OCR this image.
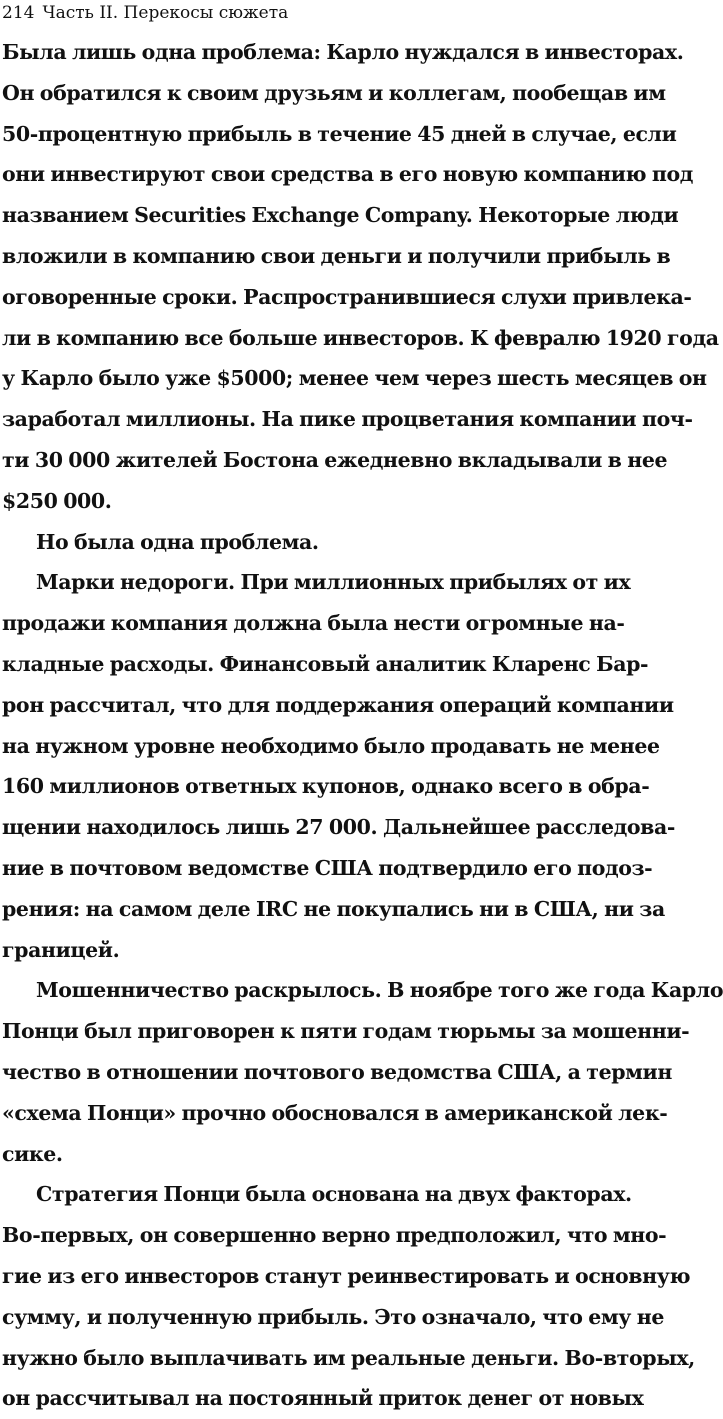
214 Часть II. Перекосы сюжета
Была лишь одна проблема: Карло нуждался в инвесторах.
Он обратился к своим друзьям и коллегам, пообещав им
50-процентную прибыль в течение 45 дней в случае, если
они инвестируют свои средства в его новую компанию под
названием Securities Exchange Company. Некоторые люди
вложили в компанию свои деньги и получили прибыль в
оговоренные сроки. Распространившиеся слухи привлека-
ли в компанию все больше инвесторов. К февралю 1920 года
у Карло было уже $5000; менее чем через шесть месяцев он
заработал миллионы. На пике процветания компании поч-
ти 30 000 жителей Бостона ежедневно вкладывали в нее
$250 000.
Но была одна проблема.
Марки недороги. При миллионных прибылях от их
продажи компания должна была нести огромные на-
кладные расходы. Финансовый аналитик Кларенс Бар-
рон рассчитал, что для поддержания операций компании
на нужном уровне необходимо было продавать не менее
160 миллионов ответных купонов, однако всего в обра-
щении находилось лишь 27 000. Дальнейшее расследова-
ние в почтовом ведомстве США подтвердило его подоз-
рения: на самом деле IRC не покупались ни в США, ни за
границей.
Мошенничество раскрылось. В ноябре того же года Карло
Понци был приговорен к пяти годам тюрьмы за мошенни-
чество в отношении почтового ведомства США, а термин
«схема Понци» прочно обосновался в американской лек-
сике.
Стратегия Понци была основана на двух факторах.
Во-первых, он совершенно верно предположил, что мно-
гие из его инвесторов станут реинвестировать и основную
сумму, и полученную прибыль. Это означало, что ему не
нужно было выплачивать им реальные деньги. Во-вторых,
он рассчитывал на постоянный приток денег от новых
